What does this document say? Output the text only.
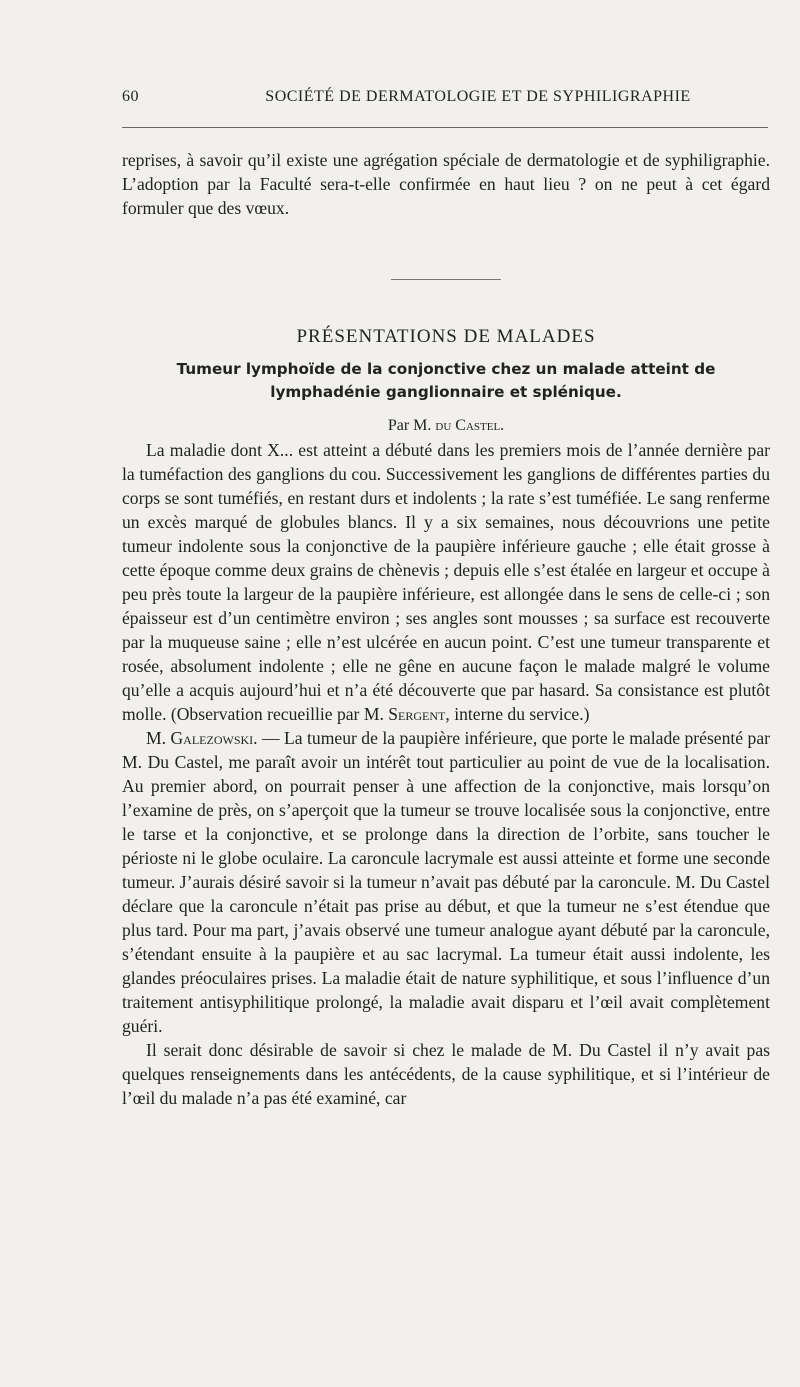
60	SOCIÉTÉ DE DERMATOLOGIE ET DE SYPHILIGRAPHIE

reprises, à savoir qu’il existe une agrégation spéciale de dermatologie et de syphiligraphie. L’adoption par la Faculté sera-t-elle confirmée en haut lieu ? on ne peut à cet égard formuler que des vœux.

PRÉSENTATIONS DE MALADES
Tumeur lymphoïde de la conjonctive chez un malade atteint de lymphadénie ganglionnaire et splénique.
Par M. du Castel.

La maladie dont X... est atteint a débuté dans les premiers mois de l’année dernière par la tuméfaction des ganglions du cou. Successivement les ganglions de différentes parties du corps se sont tuméfiés, en restant durs et indolents ; la rate s’est tuméfiée. Le sang renferme un excès marqué de globules blancs. Il y a six semaines, nous découvrions une petite tumeur indolente sous la conjonctive de la paupière inférieure gauche ; elle était grosse à cette époque comme deux grains de chènevis ; depuis elle s’est étalée en largeur et occupe à peu près toute la largeur de la paupière inférieure, est allongée dans le sens de celle-ci ; son épaisseur est d’un centimètre environ ; ses angles sont mousses ; sa surface est recouverte par la muqueuse saine ; elle n’est ulcérée en aucun point. C’est une tumeur transparente et rosée, absolument indolente ; elle ne gêne en aucune façon le malade malgré le volume qu’elle a acquis aujourd’hui et n’a été découverte que par hasard. Sa consistance est plutôt molle. (Observation recueillie par M. Sergent, interne du service.)

M. Galezowski. — La tumeur de la paupière inférieure, que porte le malade présenté par M. Du Castel, me paraît avoir un intérêt tout particulier au point de vue de la localisation. Au premier abord, on pourrait penser à une affection de la conjonctive, mais lorsqu’on l’examine de près, on s’aperçoit que la tumeur se trouve localisée sous la conjonctive, entre le tarse et la conjonctive, et se prolonge dans la direction de l’orbite, sans toucher le périoste ni le globe oculaire. La caroncule lacrymale est aussi atteinte et forme une seconde tumeur. J’aurais désiré savoir si la tumeur n’avait pas débuté par la caroncule. M. Du Castel déclare que la caroncule n’était pas prise au début, et que la tumeur ne s’est étendue que plus tard. Pour ma part, j’avais observé une tumeur analogue ayant débuté par la caroncule, s’étendant ensuite à la paupière et au sac lacrymal. La tumeur était aussi indolente, les glandes préoculaires prises. La maladie était de nature syphilitique, et sous l’influence d’un traitement antisyphilitique prolongé, la maladie avait disparu et l’œil avait complètement guéri.

Il serait donc désirable de savoir si chez le malade de M. Du Castel il n’y avait pas quelques renseignements dans les antécédents, de la cause syphilitique, et si l’intérieur de l’œil du malade n’a pas été examiné, car
